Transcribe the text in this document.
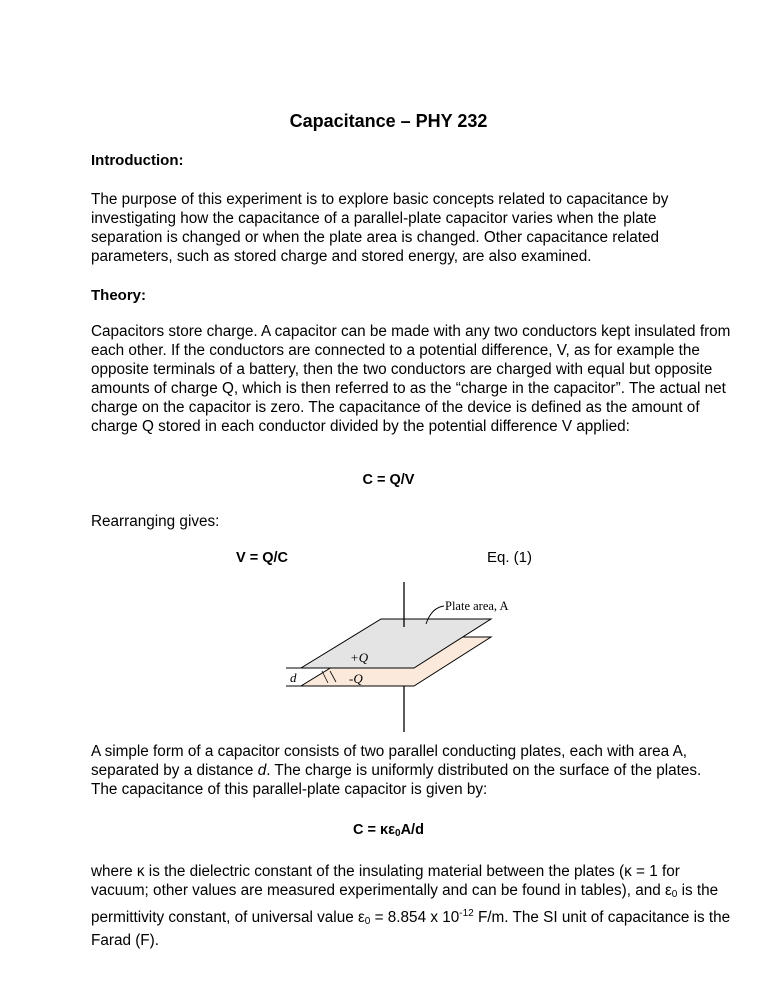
Capacitance – PHY 232
Introduction:
The purpose of this experiment is to explore basic concepts related to capacitance by investigating how the capacitance of a parallel-plate capacitor varies when the plate separation is changed or when the plate area is changed. Other capacitance related parameters, such as stored charge and stored energy, are also examined.
Theory:
Capacitors store charge. A capacitor can be made with any two conductors kept insulated from each other. If the conductors are connected to a potential difference, V, as for example the opposite terminals of a battery, then the two conductors are charged with equal but opposite amounts of charge Q, which is then referred to as the “charge in the capacitor”. The actual net charge on the capacitor is zero. The capacitance of the device is defined as the amount of charge Q stored in each conductor divided by the potential difference V applied:
C = Q/V
Rearranging gives:
V = Q/C	Eq. (1)
Plate area, A
+Q
-Q
d
A simple form of a capacitor consists of two parallel conducting plates, each with area A, separated by a distance d. The charge is uniformly distributed on the surface of the plates. The capacitance of this parallel-plate capacitor is given by:
$C = \kappa\varepsilon_0A/d$
where κ is the dielectric constant of the insulating material between the plates (κ = 1 for vacuum; other values are measured experimentally and can be found in tables), and $\varepsilon_0$ is the permittivity constant, of universal value $\varepsilon_0 = 8.854$ x $10^{-12}$ F/m. The SI unit of capacitance is the Farad (F).
